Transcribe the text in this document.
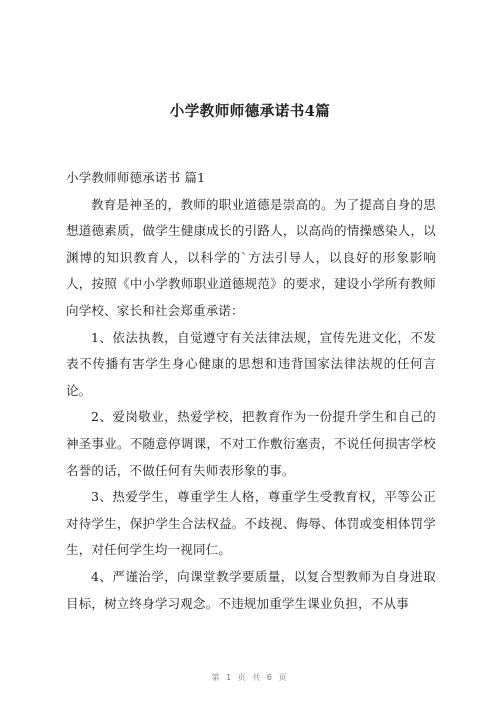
小学教师师德承诺书4篇

小学教师师德承诺书 篇1

教育是神圣的，教师的职业道德是崇高的。为了提高自身的思想道德素质，做学生健康成长的引路人，以高尚的情操感染人，以渊博的知识教育人，以科学的`方法引导人，以良好的形象影响人，按照《中小学教师职业道德规范》的要求，建设小学所有教师向学校、家长和社会郑重承诺：

1、依法执教，自觉遵守有关法律法规，宣传先进文化，不发表不传播有害学生身心健康的思想和违背国家法律法规的任何言论。

2、爱岗敬业，热爱学校，把教育作为一份提升学生和自己的神圣事业。不随意停调课，不对工作敷衍塞责，不说任何损害学校名誉的话，不做任何有失师表形象的事。

3、热爱学生，尊重学生人格，尊重学生受教育权，平等公正对待学生，保护学生合法权益。不歧视、侮辱、体罚或变相体罚学生，对任何学生均一视同仁。

4、严谨治学，向课堂教学要质量，以复合型教师为自身进取目标，树立终身学习观念。不违规加重学生课业负担，不从事

第 1 页 共 6 页
